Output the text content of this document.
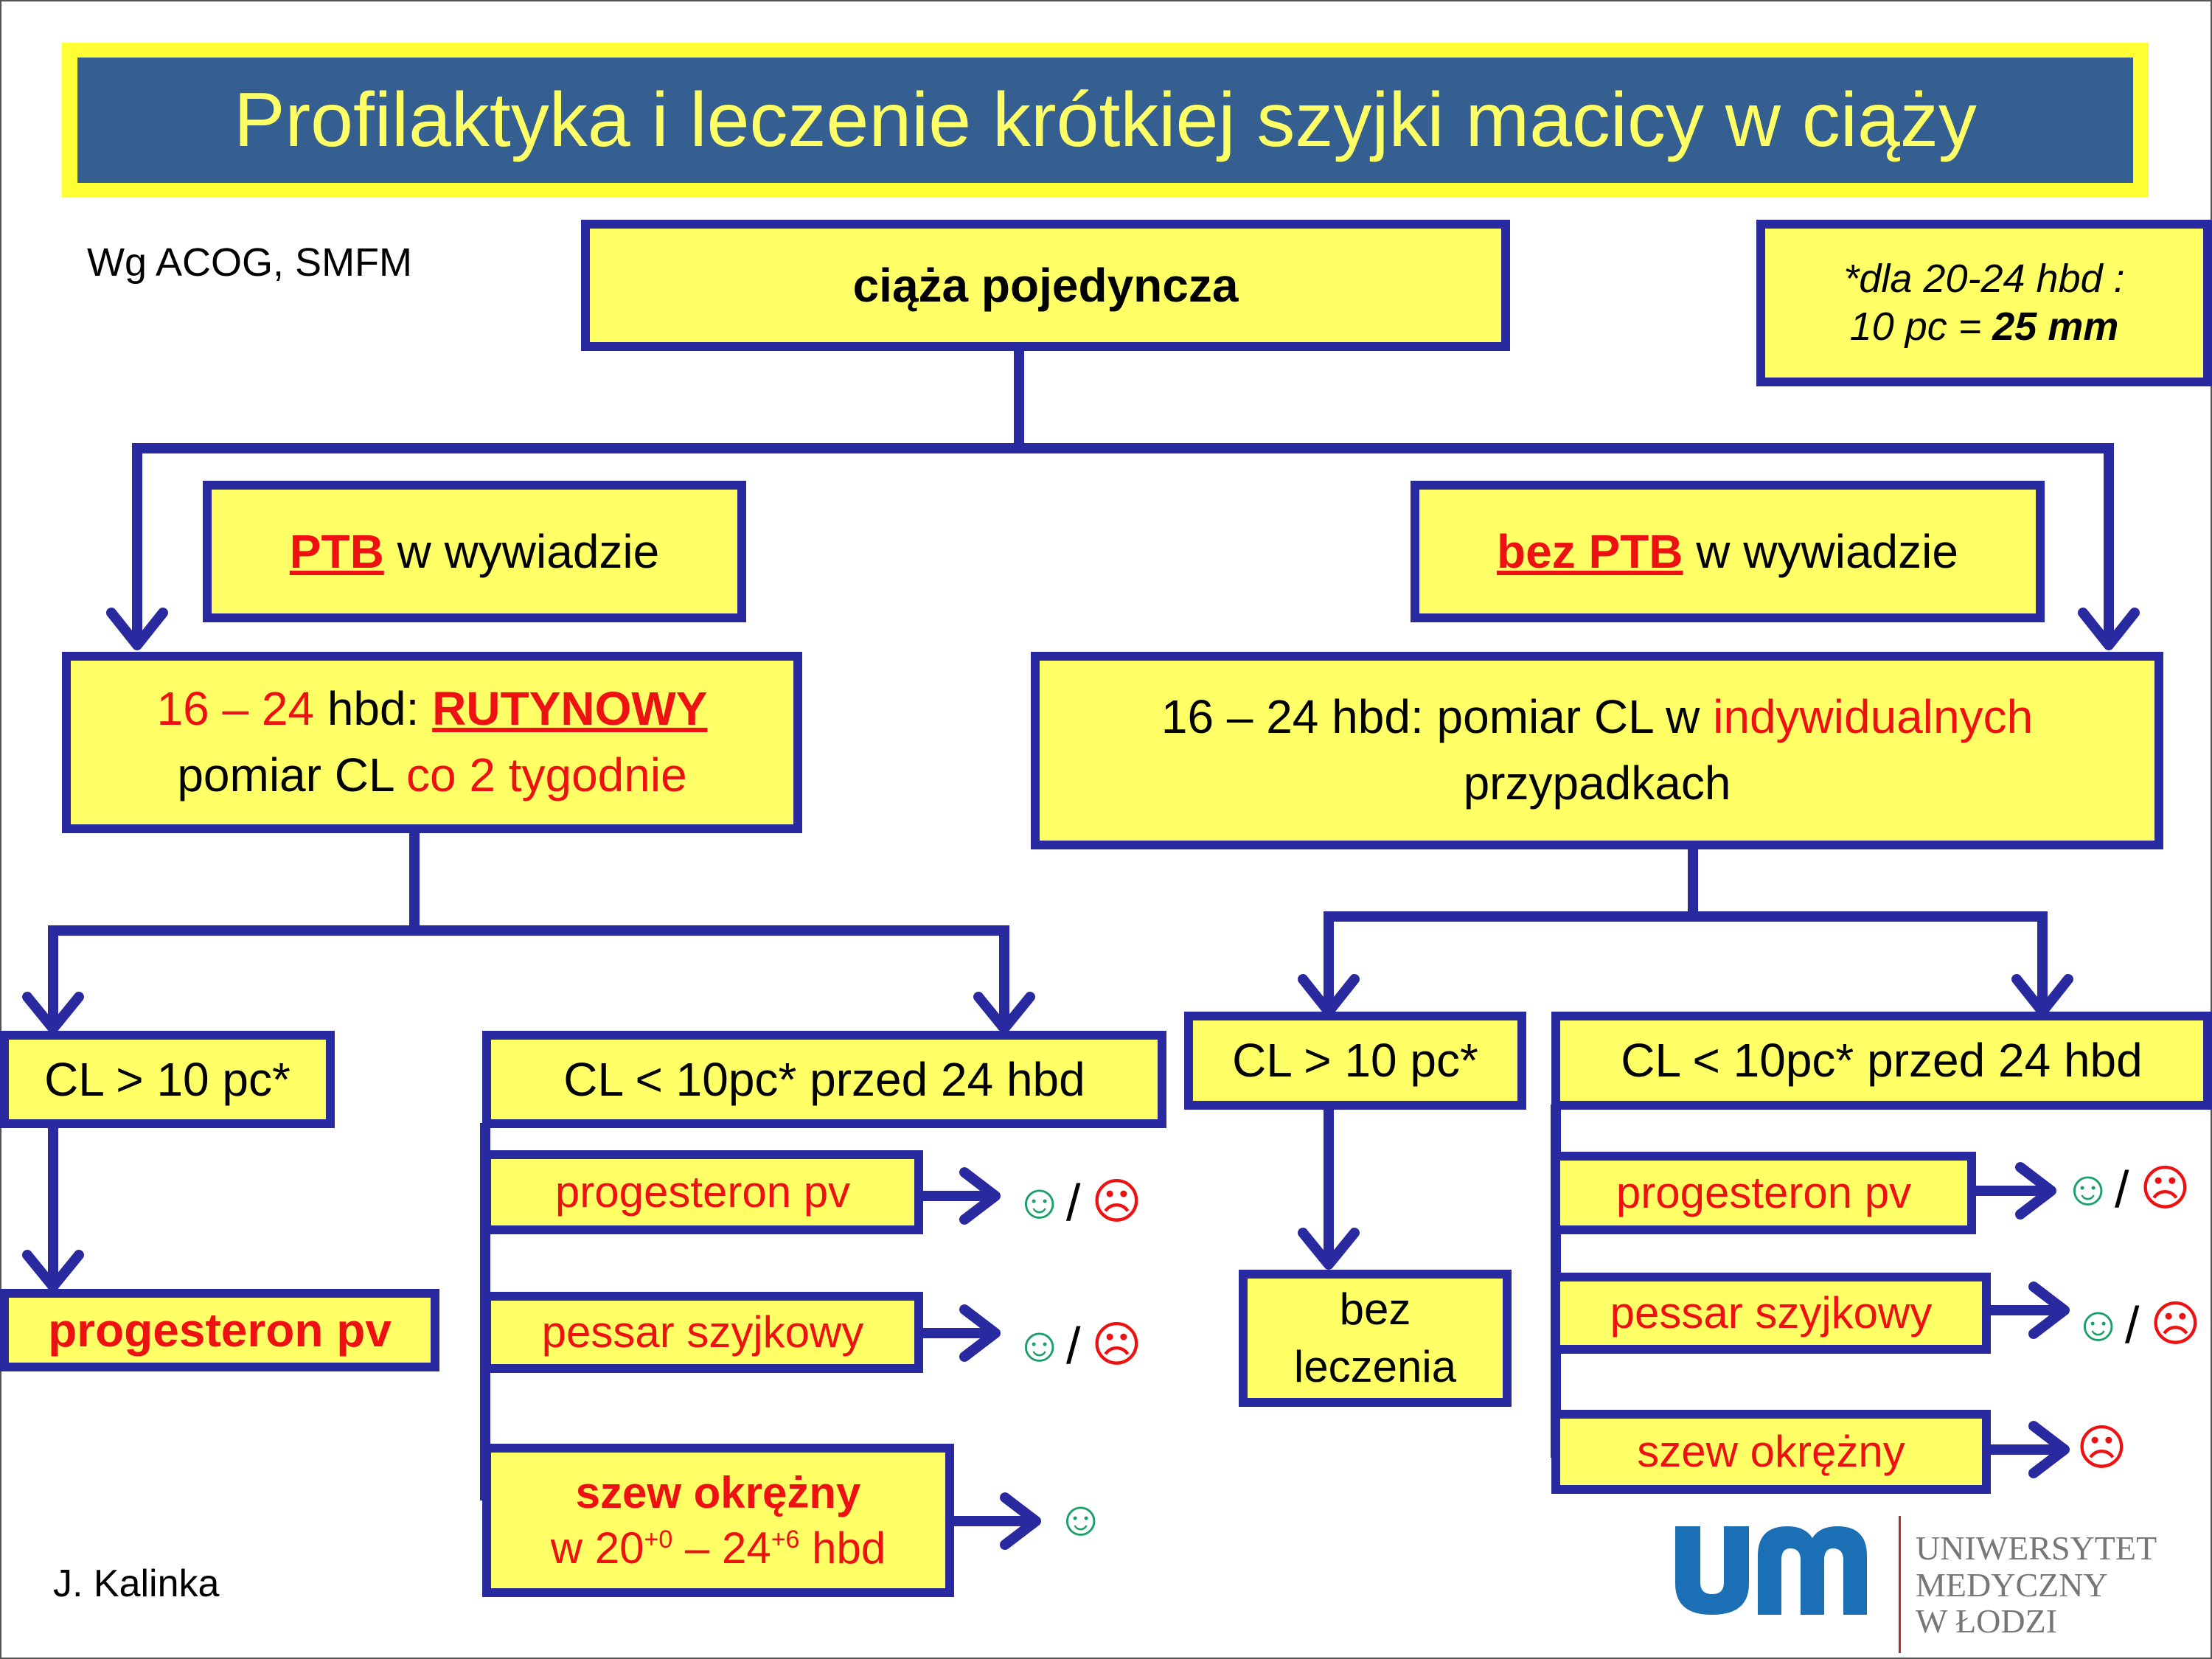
Profilaktyka i leczenie krótkiej szyjki macicy w ciąży
Wg ACOG, SMFM	*dla 20-24 hbd :
10 pc = 25 mm
ciąża pojedyncza
PTB w wywiadzie	bez PTB w wywiadzie
16 – 24 hbd: RUTYNOWY
pomiar CL co 2 tygodnie
16 – 24 hbd: pomiar CL w indywidualnych
przypadkach
CL > 10 pc*
progesteron pv
CL < 10pc* przed 24 hbd
progesteron pv
pessar szyjkowy
szew okrężny
w $20^{+0} - 24^{+6}$ hbd
☺ / ☹
☺ / ☹
☺
CL > 10 pc*
bez
leczenia
CL < 10pc* przed 24 hbd
progesteron pv
pessar szyjkowy
szew okrężny
☺ / ☹
☺ / ☹
☹
J. Kalinka
UNIWERSYTET
MEDYCZNY
W ŁODZI
